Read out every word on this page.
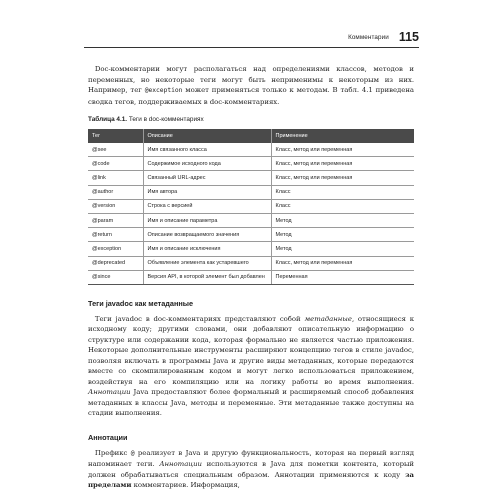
Комментарии 115

 Doc-комментарии могут располагаться над определениями классов, методов и переменных, но некоторые теги могут быть неприменимы к некоторым из них. Например, тег @exception может применяться только к методам. В табл. 4.1 приведена сводка тегов, поддерживаемых в doc-комментариях.

Таблица 4.1. Теги в doc-комментариях
Тег	Описание	Применение
@see	Имя связанного класса	Класс, метод или переменная
@code	Содержимое исходного кода	Класс, метод или переменная
@link	Связанный URL-адрес	Класс, метод или переменная
@author	Имя автора	Класс
@version	Строка с версией	Класс
@param	Имя и описание параметра	Метод
@return	Описание возвращаемого значения	Метод
@exception	Имя и описание исключения	Метод
@deprecated	Объявление элемента как устаревшего	Класс, метод или переменная
@since	Версия API, в которой элемент был добавлен	Переменная
Теги javadoc как метаданные

 Теги javadoc в doc-комментариях представляют собой метаданные, относящиеся к исходному коду; другими словами, они добавляют описательную информацию о структуре или содержании кода, которая формально не является частью приложения. Некоторые дополнительные инструменты расширяют концепцию тегов в стиле javadoc, позволяя включать в программы Java и другие виды метаданных, которые передаются вместе со скомпилированным кодом и могут легко использоваться приложением, воздействуя на его компиляцию или на логику работы во время выполнения. Аннотации Java предоставляют более формальный и расширяемый способ добавления метаданных в классы Java, методы и переменные. Эти метаданные также доступны на стадии выполнения.

Аннотации

 Префикс @ реализует в Java и другую функциональность, которая на первый взгляд напоминает теги. Аннотации используются в Java для пометки контента, который должен обрабатываться специальным образом. Аннотации применяются к коду за пределами комментариев. Информация,
